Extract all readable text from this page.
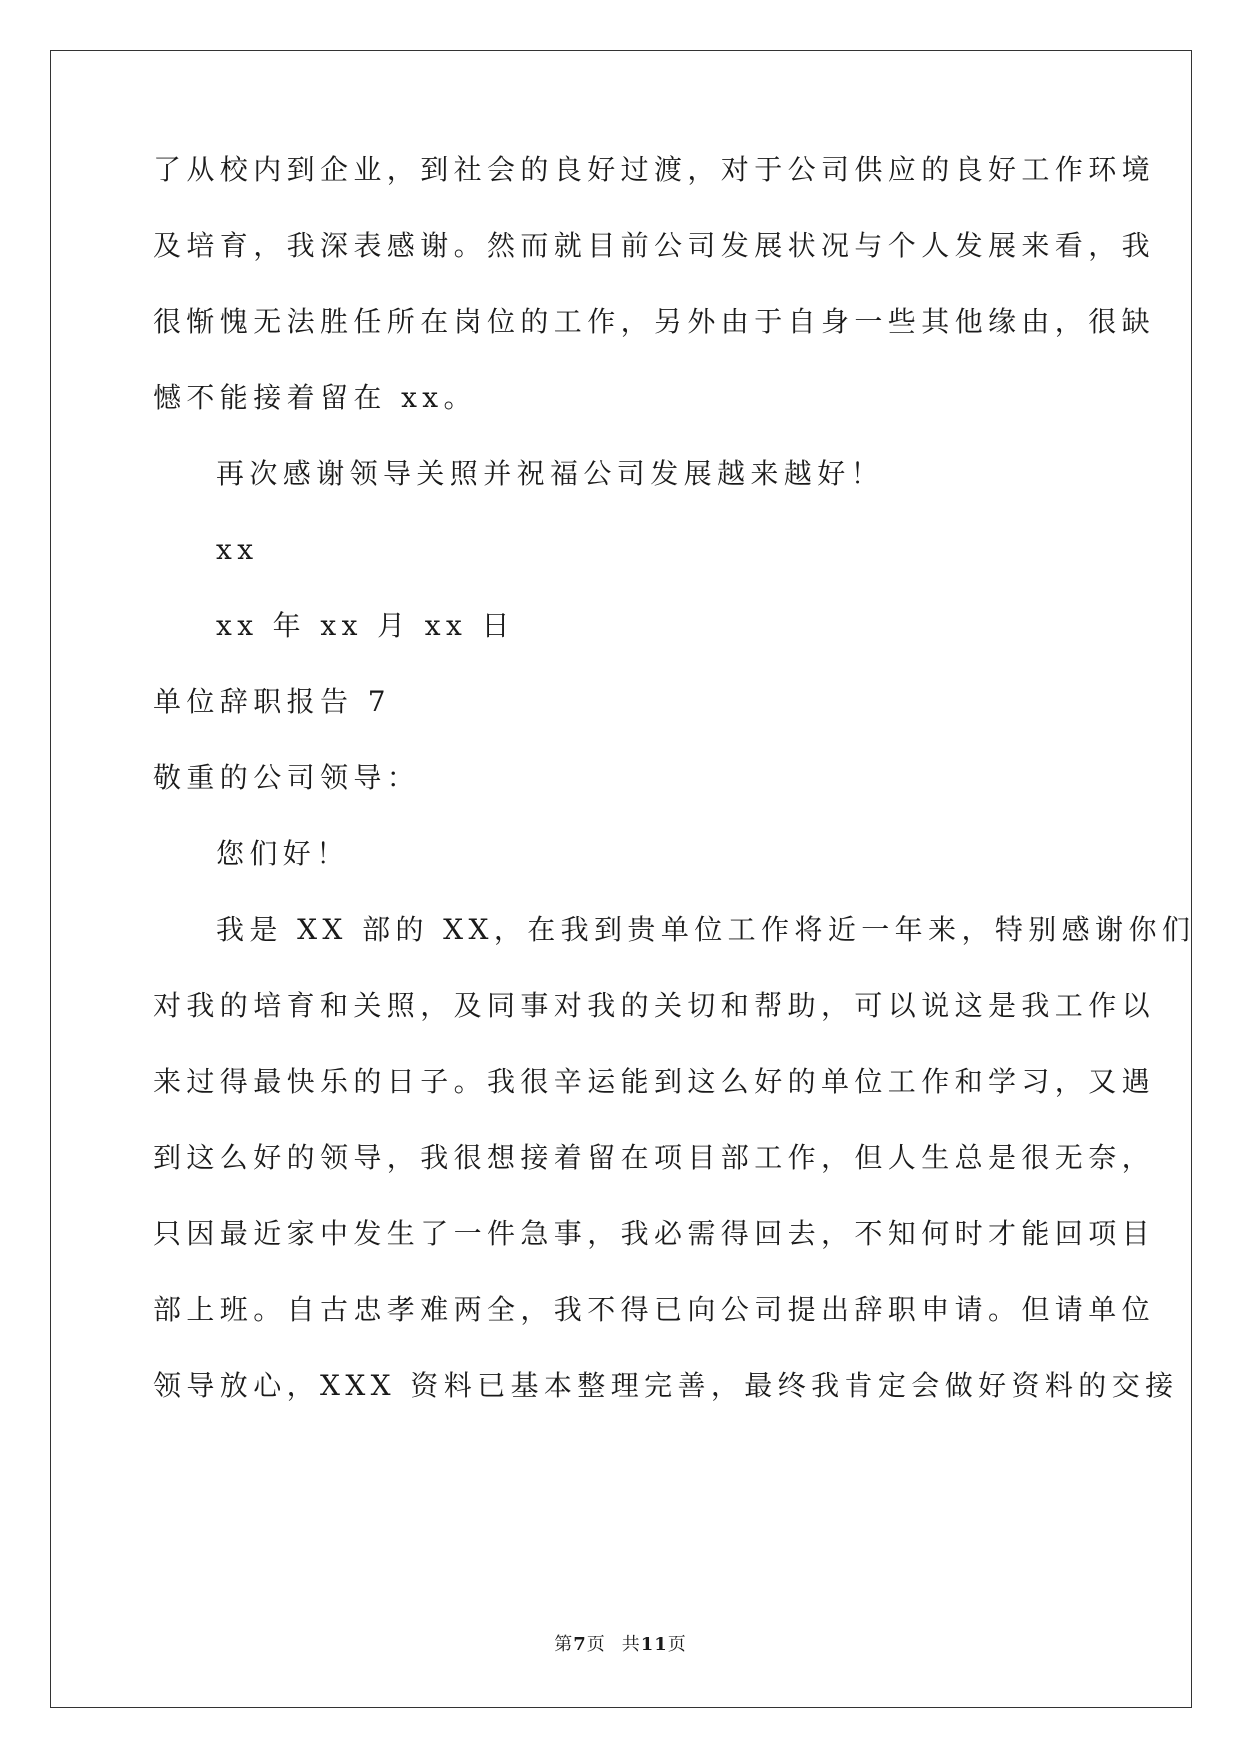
了从校内到企业，到社会的良好过渡，对于公司供应的良好工作环境
及培育，我深表感谢。然而就目前公司发展状况与个人发展来看，我
很惭愧无法胜任所在岗位的工作，另外由于自身一些其他缘由，很缺
憾不能接着留在 xx。
再次感谢领导关照并祝福公司发展越来越好！
xx
xx 年 xx 月 xx 日
单位辞职报告 7
敬重的公司领导：
您们好！
我是 XX 部的 XX，在我到贵单位工作将近一年来，特别感谢你们
对我的培育和关照，及同事对我的关切和帮助，可以说这是我工作以
来过得最快乐的日子。我很辛运能到这么好的单位工作和学习，又遇
到这么好的领导，我很想接着留在项目部工作，但人生总是很无奈，
只因最近家中发生了一件急事，我必需得回去，不知何时才能回项目
部上班。自古忠孝难两全，我不得已向公司提出辞职申请。但请单位
领导放心，XXX 资料已基本整理完善，最终我肯定会做好资料的交接
第7页 共11页
